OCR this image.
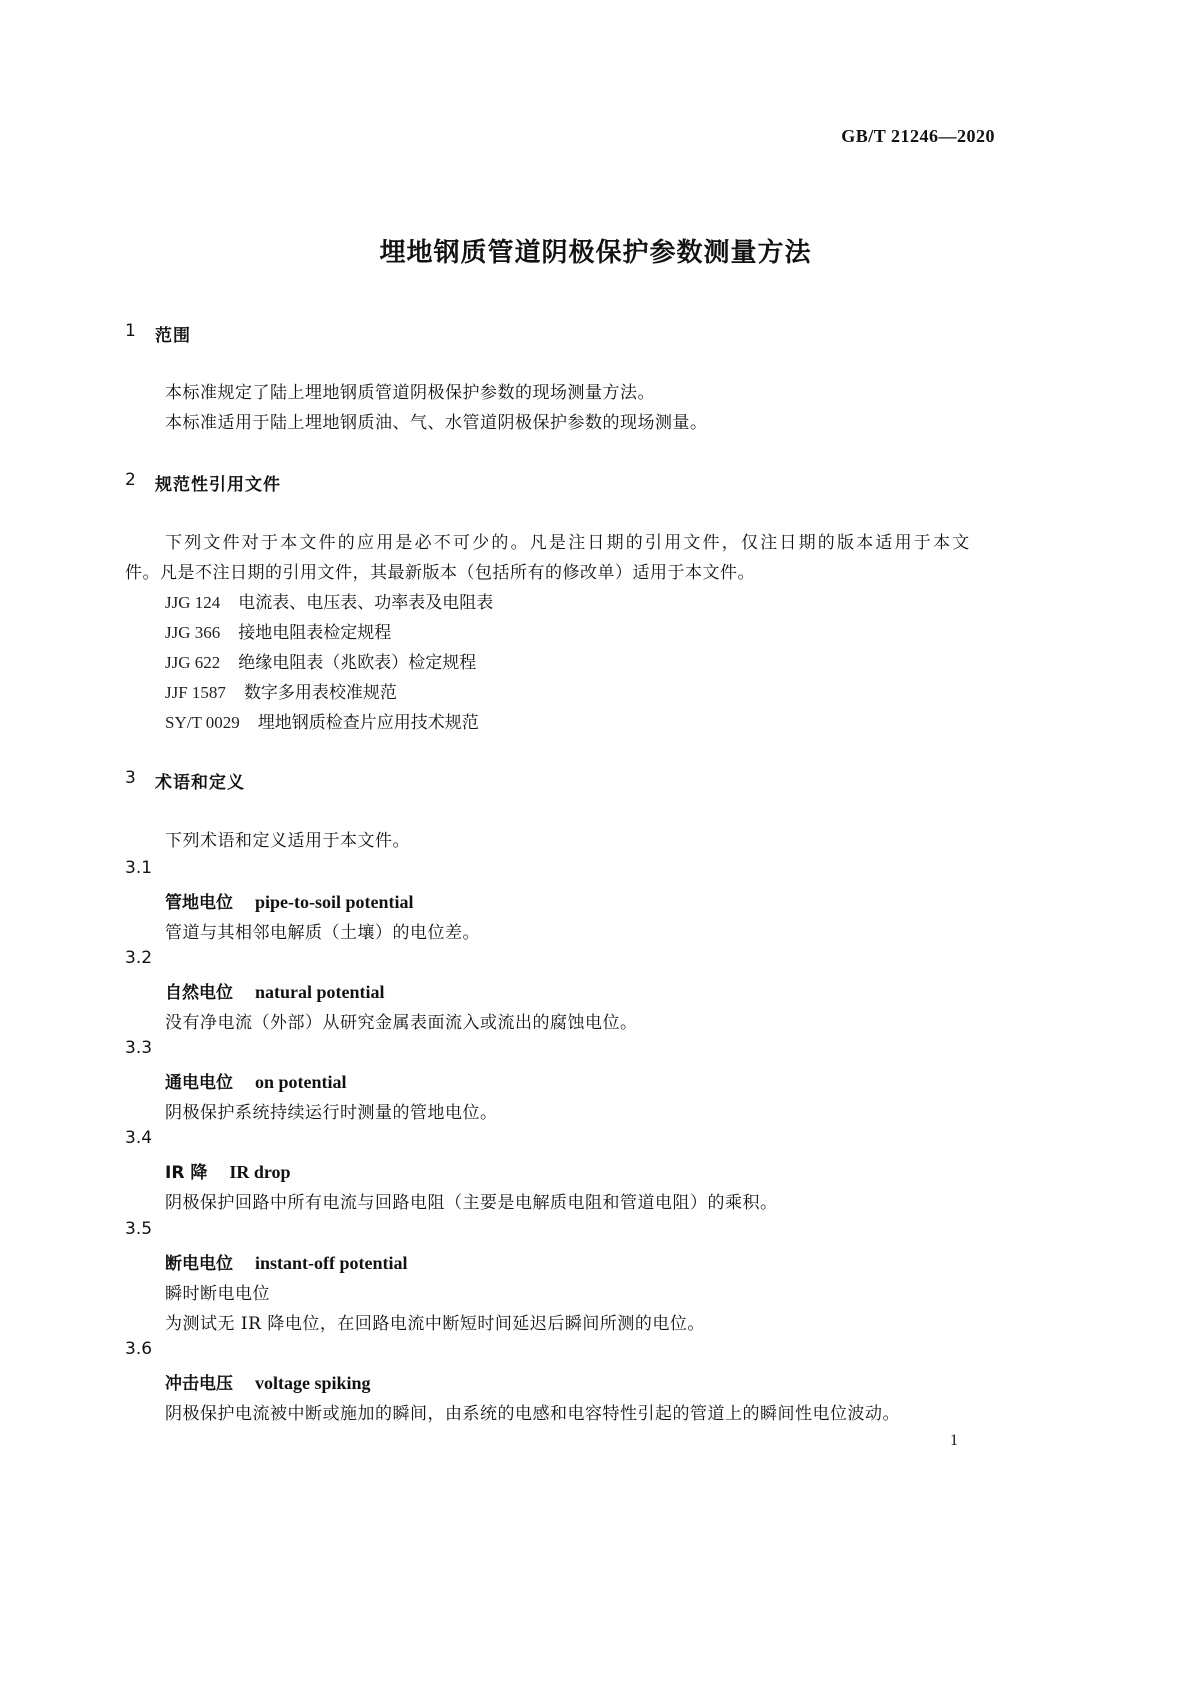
GB/T 21246—2020
埋地钢质管道阴极保护参数测量方法
1 范围
本标准规定了陆上埋地钢质管道阴极保护参数的现场测量方法。
本标准适用于陆上埋地钢质油、气、水管道阴极保护参数的现场测量。
2 规范性引用文件
下列文件对于本文件的应用是必不可少的。凡是注日期的引用文件，仅注日期的版本适用于本文
件。凡是不注日期的引用文件，其最新版本（包括所有的修改单）适用于本文件。
JJG 124 电流表、电压表、功率表及电阻表
JJG 366 接地电阻表检定规程
JJG 622 绝缘电阻表（兆欧表）检定规程
JJF 1587 数字多用表校准规范
SY/T 0029 埋地钢质检查片应用技术规范
3 术语和定义
下列术语和定义适用于本文件。
3.1
管地电位 pipe-to-soil potential
管道与其相邻电解质（土壤）的电位差。
3.2
自然电位 natural potential
没有净电流（外部）从研究金属表面流入或流出的腐蚀电位。
3.3
通电电位 on potential
阴极保护系统持续运行时测量的管地电位。
3.4
IR 降 IR drop
阴极保护回路中所有电流与回路电阻（主要是电解质电阻和管道电阻）的乘积。
3.5
断电电位 instant-off potential
瞬时断电电位
为测试无 IR 降电位，在回路电流中断短时间延迟后瞬间所测的电位。
3.6
冲击电压 voltage spiking
阴极保护电流被中断或施加的瞬间，由系统的电感和电容特性引起的管道上的瞬间性电位波动。
1
